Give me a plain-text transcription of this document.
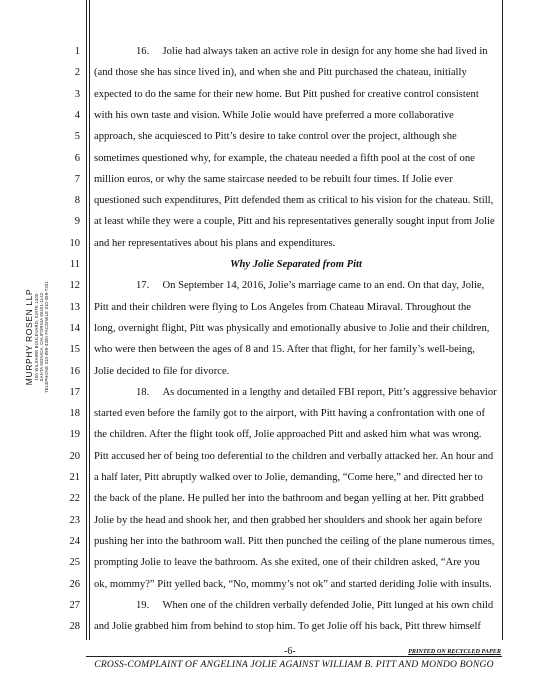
MURPHY ROSEN LLP 100 WILSHIRE BOULEVARD, SUITE 1300 SANTA MONICA, CALIFORNIA 90401-1142 TELEPHONE 310-899-3300 FACSIMILE 310-399-7201
1
2
3
4
5
6
7
8
9
10
11
12
13
14
15
16
17
18
19
20
21
22
23
24
25
26
27
28
16.     Jolie had always taken an active role in design for any home she had lived in
(and those she has since lived in), and when she and Pitt purchased the chateau, initially
expected to do the same for their new home. But Pitt pushed for creative control consistent
with his own taste and vision. While Jolie would have preferred a more collaborative
approach, she acquiesced to Pitt’s desire to take control over the project, although she
sometimes questioned why, for example, the chateau needed a fifth pool at the cost of one
million euros, or why the same staircase needed to be rebuilt four times. If Jolie ever
questioned such expenditures, Pitt defended them as critical to his vision for the chateau. Still,
at least while they were a couple, Pitt and his representatives generally sought input from Jolie
and her representatives about his plans and expenditures.
Why Jolie Separated from Pitt
17.     On September 14, 2016, Jolie’s marriage came to an end. On that day, Jolie,
Pitt and their children were flying to Los Angeles from Chateau Miraval. Throughout the
long, overnight flight, Pitt was physically and emotionally abusive to Jolie and their children,
who were then between the ages of 8 and 15. After that flight, for her family’s well-being,
Jolie decided to file for divorce.
18.     As documented in a lengthy and detailed FBI report, Pitt’s aggressive behavior
started even before the family got to the airport, with Pitt having a confrontation with one of
the children. After the flight took off, Jolie approached Pitt and asked him what was wrong.
Pitt accused her of being too deferential to the children and verbally attacked her. An hour and
a half later, Pitt abruptly walked over to Jolie, demanding, “Come here,” and directed her to
the back of the plane. He pulled her into the bathroom and began yelling at her. Pitt grabbed
Jolie by the head and shook her, and then grabbed her shoulders and shook her again before
pushing her into the bathroom wall. Pitt then punched the ceiling of the plane numerous times,
prompting Jolie to leave the bathroom. As she exited, one of their children asked, “Are you
ok, mommy?” Pitt yelled back, “No, mommy’s not ok” and started deriding Jolie with insults.
19.     When one of the children verbally defended Jolie, Pitt lunged at his own child
and Jolie grabbed him from behind to stop him. To get Jolie off his back, Pitt threw himself
-6-	PRINTED ON RECYCLED PAPER
CROSS-COMPLAINT OF ANGELINA JOLIE AGAINST WILLIAM B. PITT AND MONDO BONGO
